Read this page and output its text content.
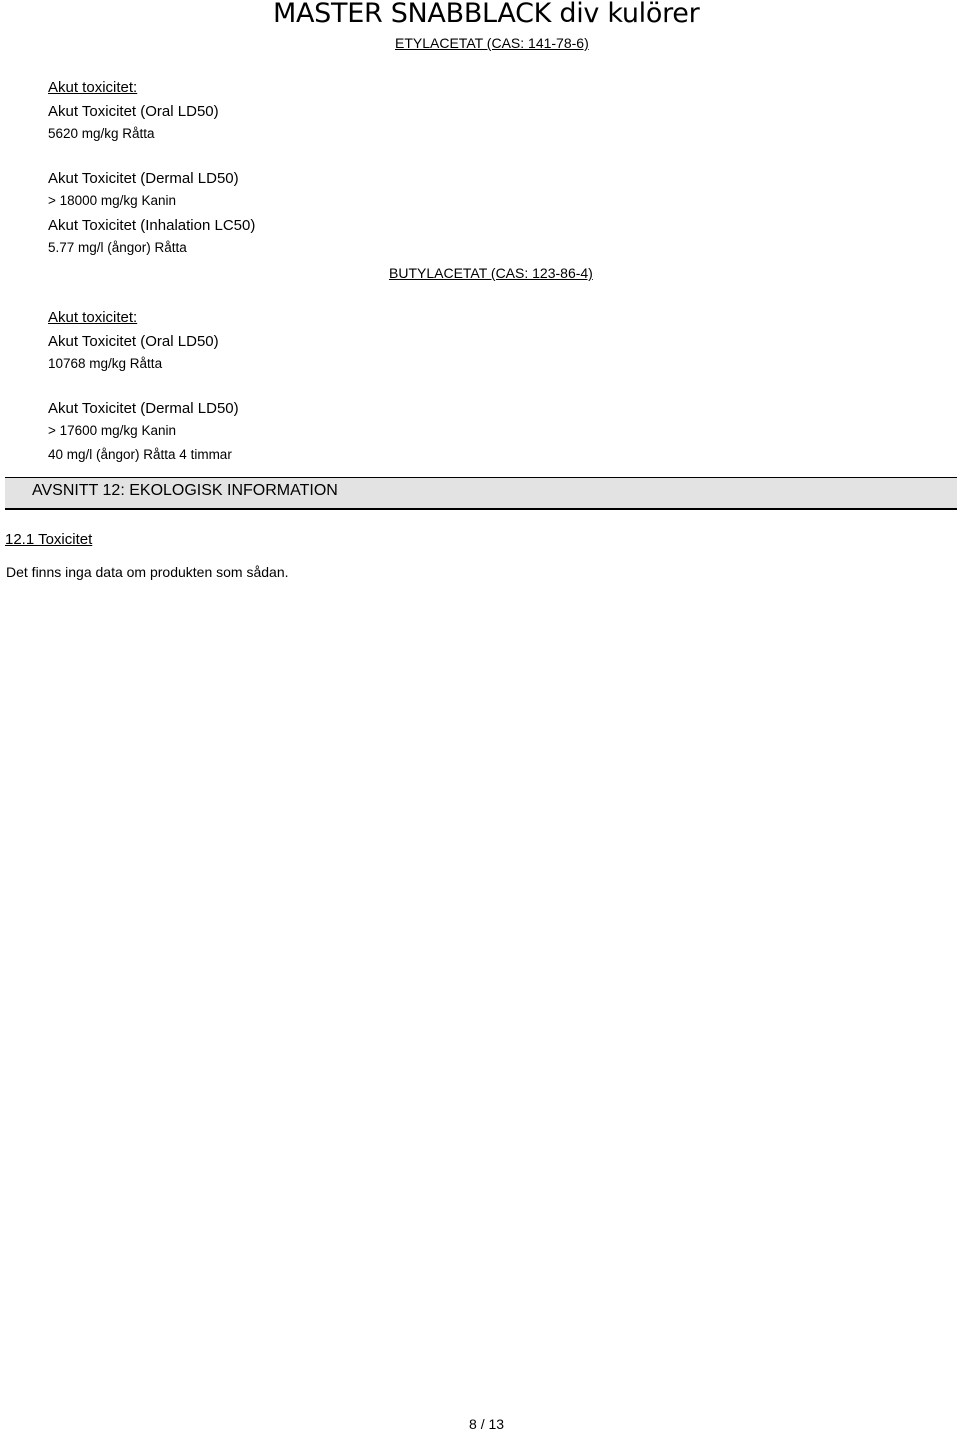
MASTER SNABBLACK div kulörer
ETYLACETAT (CAS: 141-78-6)
Akut toxicitet:
Akut Toxicitet (Oral LD50)
5620 mg/kg Råtta
Akut Toxicitet (Dermal LD50)
> 18000 mg/kg Kanin
Akut Toxicitet (Inhalation LC50)
5.77 mg/l (ångor) Råtta
BUTYLACETAT (CAS: 123-86-4)
Akut toxicitet:
Akut Toxicitet (Oral LD50)
10768 mg/kg Råtta
Akut Toxicitet (Dermal LD50)
> 17600 mg/kg Kanin
40 mg/l (ångor) Råtta 4 timmar
AVSNITT 12: EKOLOGISK INFORMATION
12.1 Toxicitet
Det finns inga data om produkten som sådan.
8 / 13
